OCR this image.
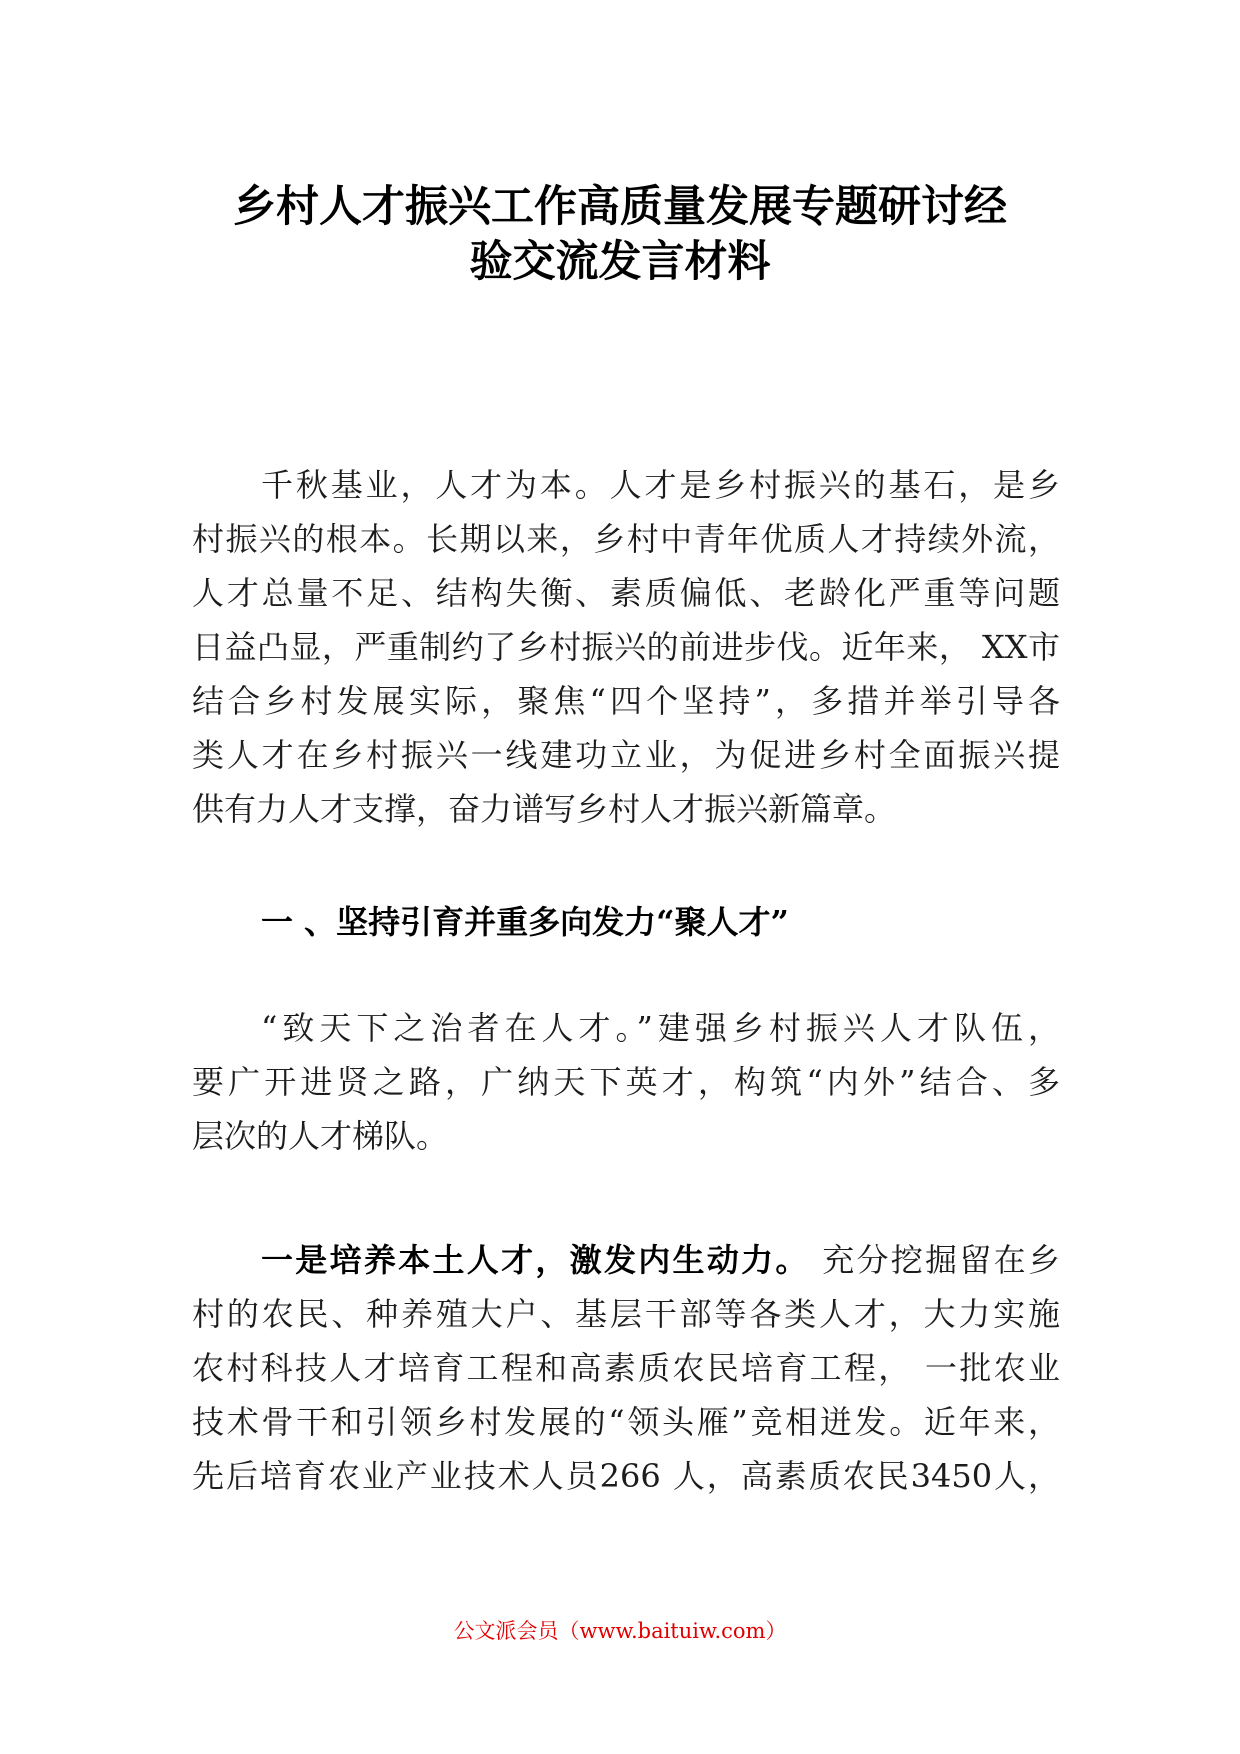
乡村人才振兴工作高质量发展专题研讨经
验交流发言材料
千秋基业，人才为本。人才是乡村振兴的基石，是乡
村振兴的根本。长期以来，乡村中青年优质人才持续外流，
人才总量不足、结构失衡、素质偏低、老龄化严重等问题
日益凸显，严重制约了乡村振兴的前进步伐。近年来， XX市
结合乡村发展实际，聚焦“四个坚持”，多措并举引导各
类人才在乡村振兴一线建功立业，为促进乡村全面振兴提
供有力人才支撑，奋力谱写乡村人才振兴新篇章。
一 、坚持引育并重多向发力“聚人才”
“致天下之治者在人才。”建强乡村振兴人才队伍，
要广开进贤之路，广纳天下英才，构筑“内外”结合、多
层次的人才梯队。
一是培养本土人才，激发内生动力。 充分挖掘留在乡
村的农民、种养殖大户、基层干部等各类人才，大力实施
农村科技人才培育工程和高素质农民培育工程， 一批农业
技术骨干和引领乡村发展的“领头雁”竞相迸发。近年来，
先后培育农业产业技术人员266 人，高素质农民3450人，
公文派会员（www.baituiw.com）
